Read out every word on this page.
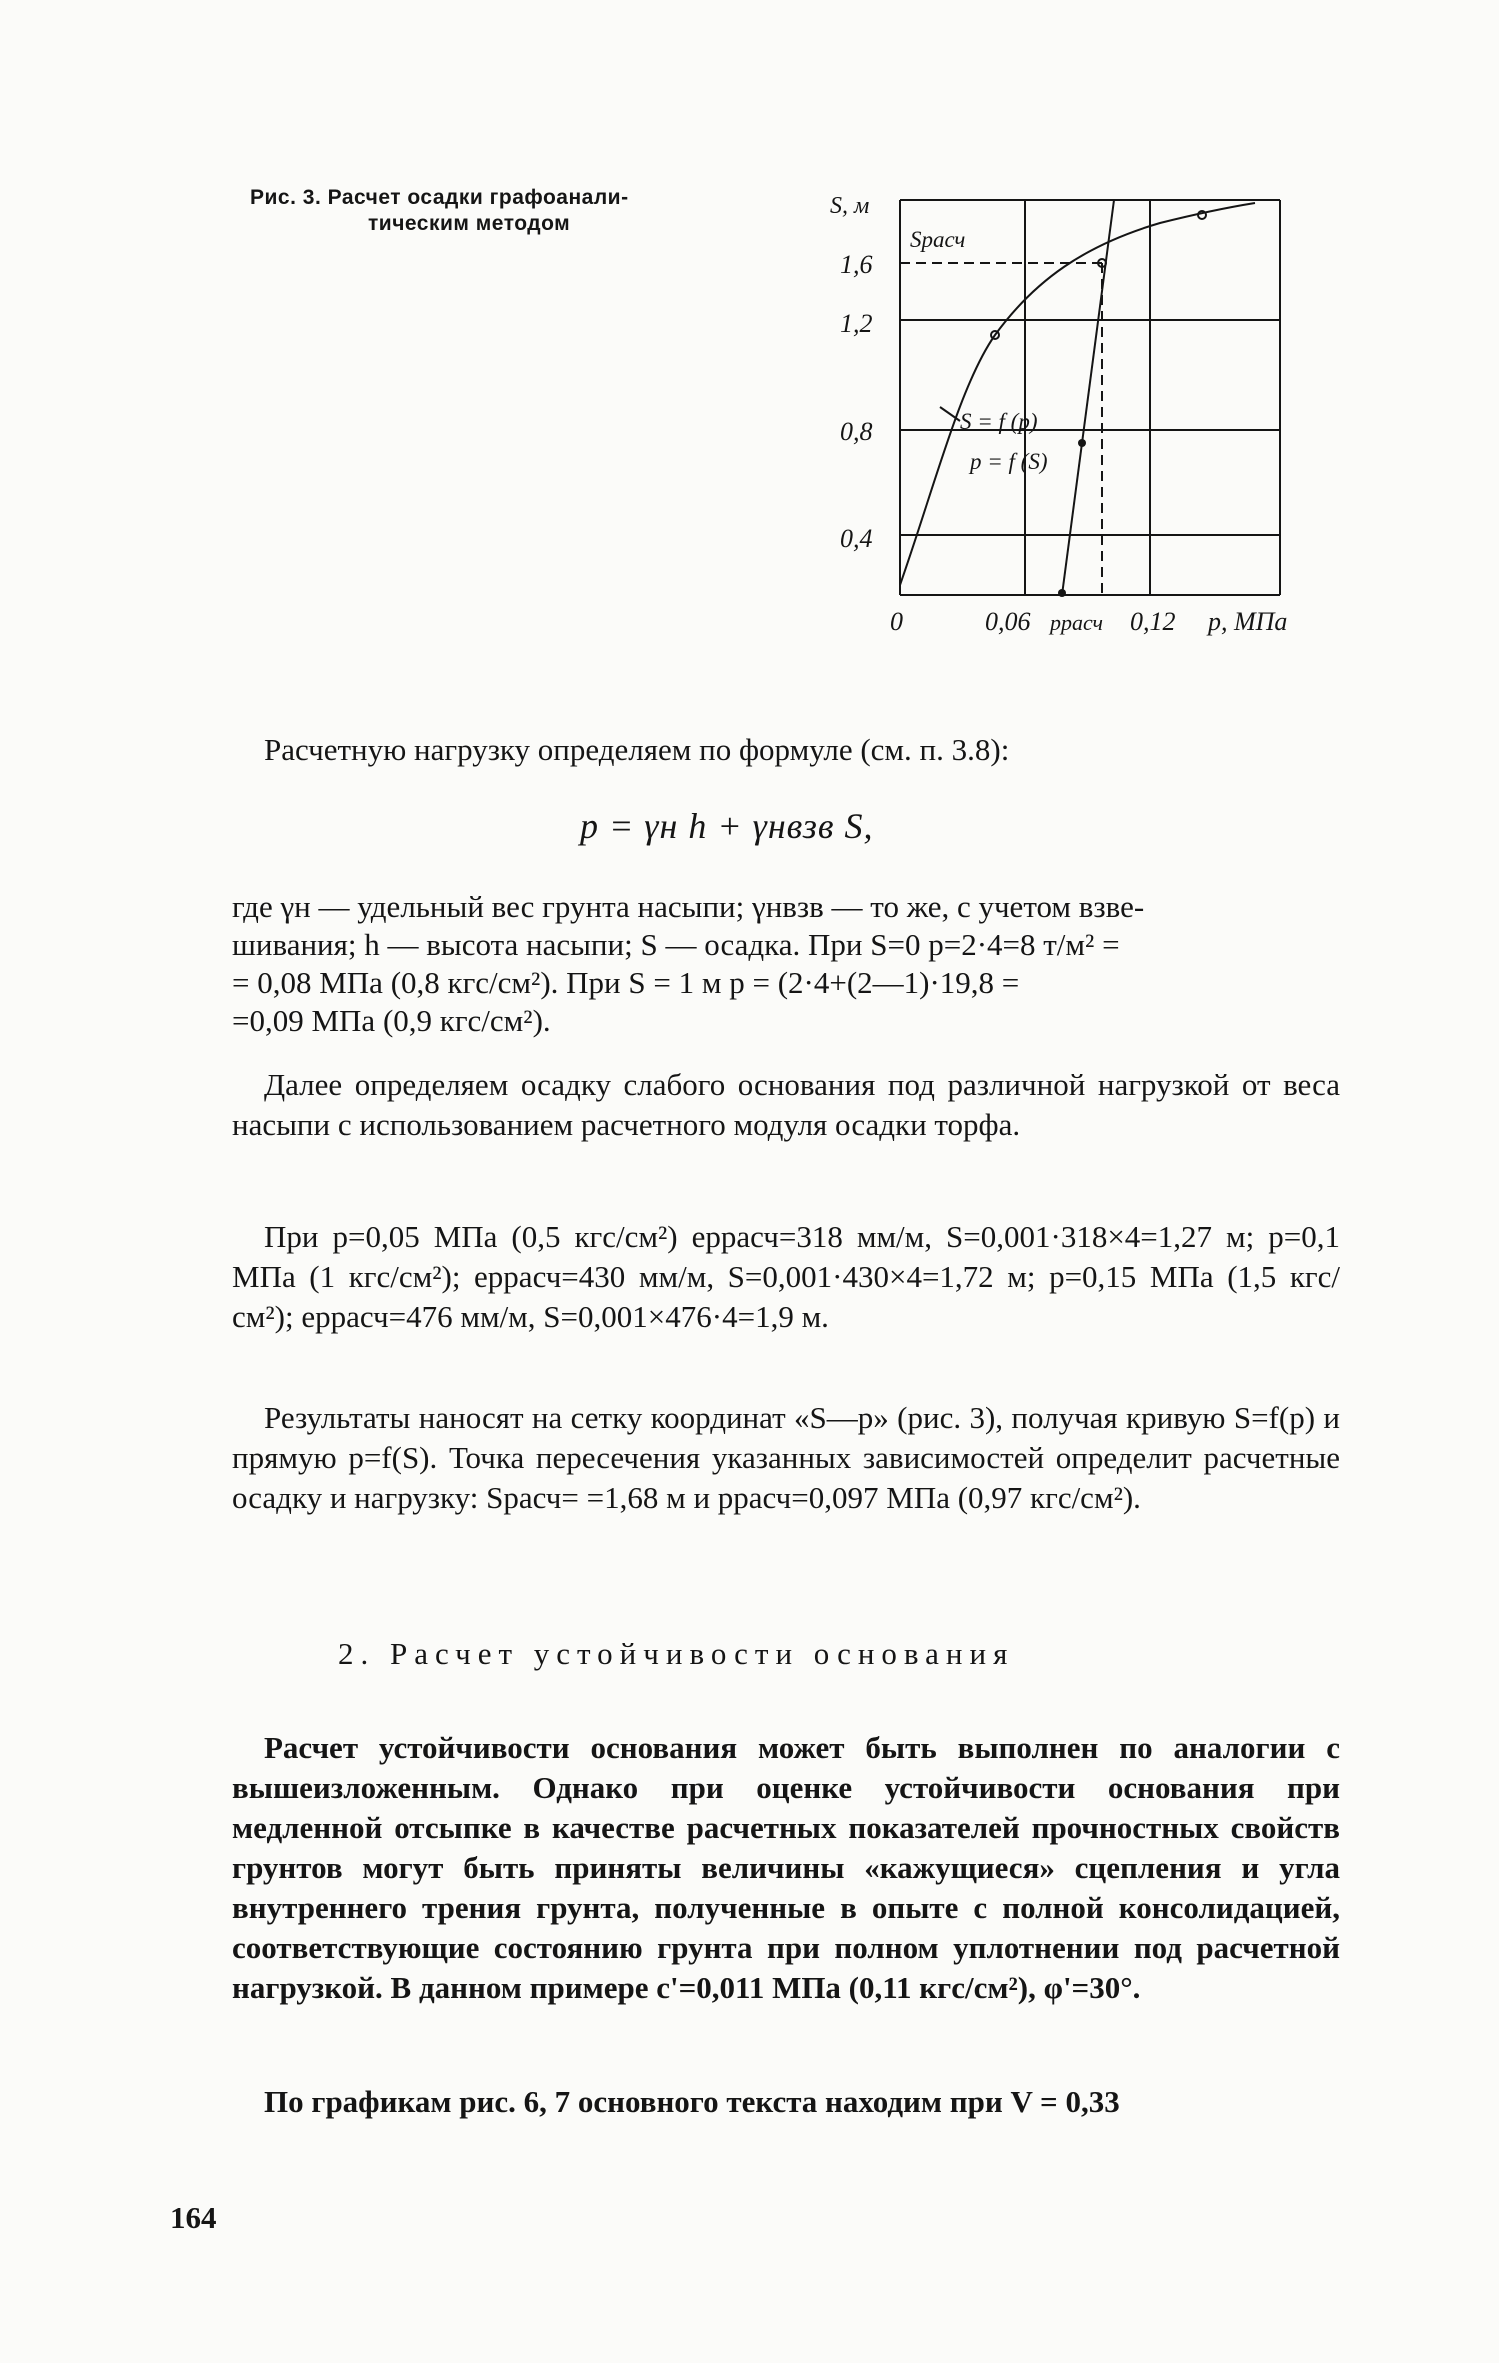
Рис. 3. Расчет осадки графоанали-
тическим методом
S, м
1,6
1,2
0,8
0,4
0	0,06 pрасч 0,12 p, МПа
Sрасч
S = f (p)
p = f (S)

Расчетную нагрузку определяем по формуле (см. п. 3.8):

p = γн h + γнвзв S,

где γн — удельный вес грунта насыпи; γнвзв — то же, с учетом взве-

шивания; h — высота насыпи; S — осадка. При S=0 p=2·4=8 т/м² =

= 0,08 МПа (0,8 кгс/см²). При S = 1 м p = (2·4+(2—1)·19,8 =

=0,09 МПа (0,9 кгс/см²).

Далее определяем осадку слабого основания под различной нагрузкой от веса насыпи с использованием расчетного модуля осадки торфа.

При p=0,05 МПа (0,5 кгс/см²) eррасч=318 мм/м, S=0,001·318×4=1,27 м; p=0,1 МПа (1 кгс/см²); eррасч=430 мм/м, S=0,001·430×4=1,72 м; p=0,15 МПа (1,5 кгс/см²); eррасч=476 мм/м, S=0,001×476·4=1,9 м.

Результаты наносят на сетку координат «S—p» (рис. 3), получая кривую S=f(p) и прямую p=f(S). Точка пересечения указанных зависимостей определит расчетные осадку и нагрузку: Sрасч= =1,68 м и pрасч=0,097 МПа (0,97 кгс/см²).

2. Расчет устойчивости основания

Расчет устойчивости основания может быть выполнен по аналогии с вышеизложенным. Однако при оценке устойчивости основания при медленной отсыпке в качестве расчетных показателей прочностных свойств грунтов могут быть приняты величины «кажущиеся» сцепления и угла внутреннего трения грунта, полученные в опыте с полной консолидацией, соответствующие состоянию грунта при полном уплотнении под расчетной нагрузкой. В данном примере c'=0,011 МПа (0,11 кгс/см²), φ'=30°.

По графикам рис. 6, 7 основного текста находим при V = 0,33

164
